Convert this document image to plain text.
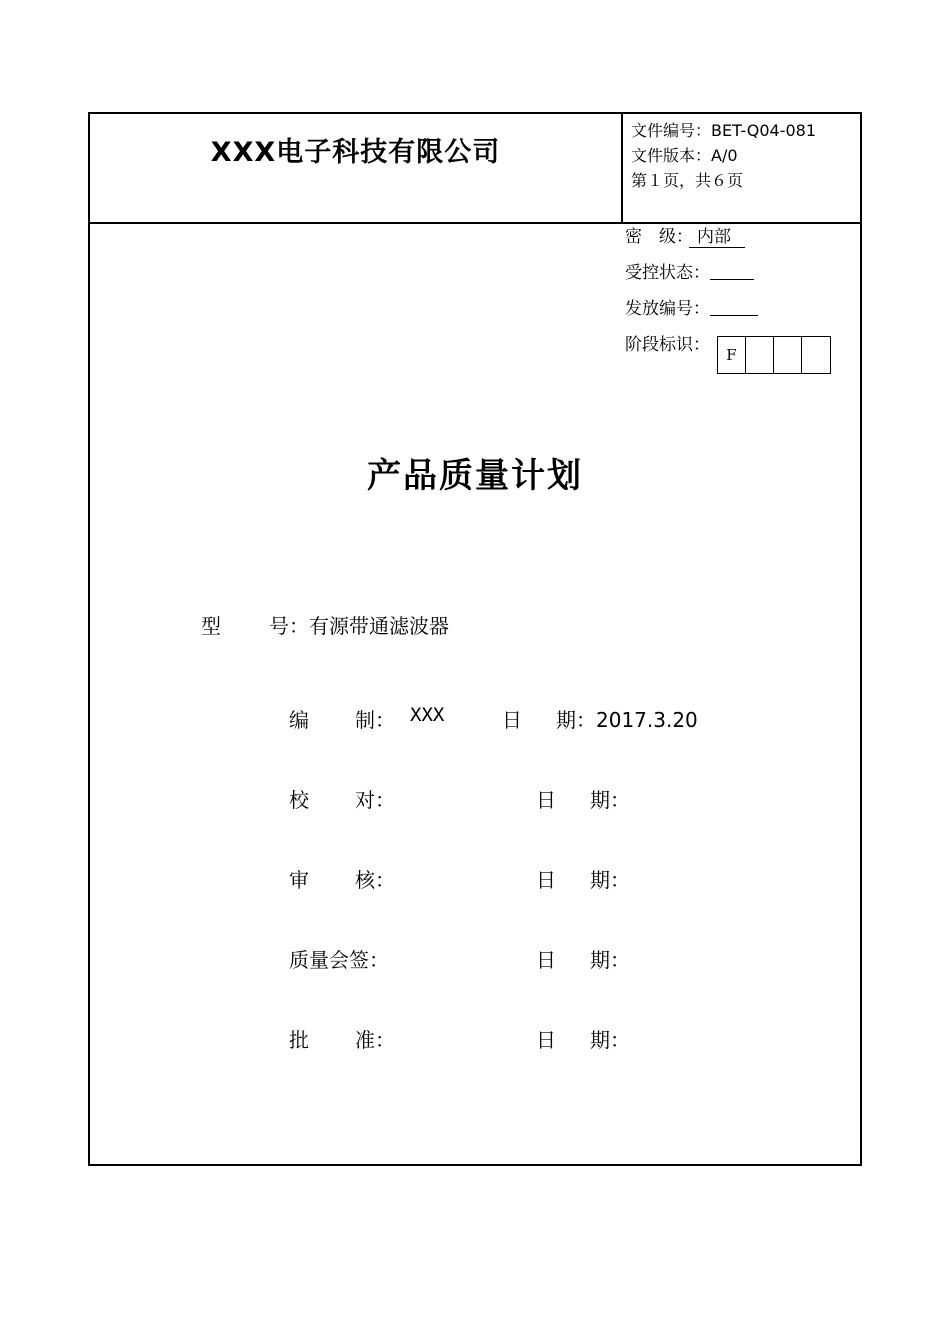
XXX电子科技有限公司
文件编号：BET-Q04-081
文件版本：A/0
第１页，共６页
密　级： 内部
受控状态：
发放编号：
阶段标识：	F
产品质量计划
型 号：有源带通滤波器
编 制： XXX	日 期：2017.3.20
校 对：	日 期：
审 核：	日 期：
质量会签：	日 期：
批 准：	日 期：
